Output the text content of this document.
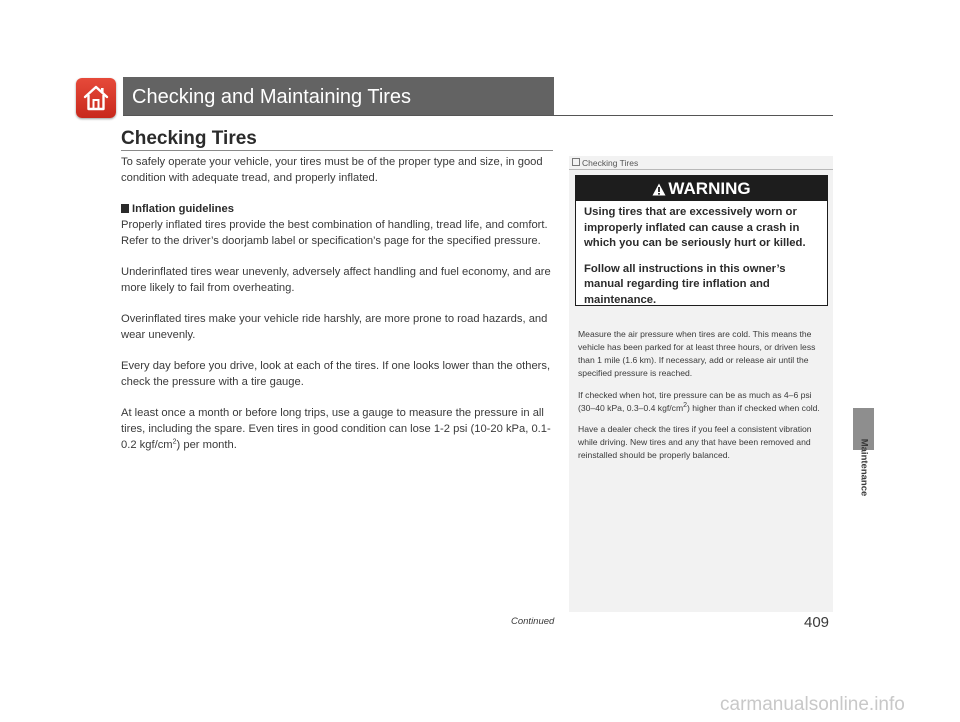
Checking and Maintaining Tires
Checking Tires

To safely operate your vehicle, your tires must be of the proper type and size, in good condition with adequate tread, and properly inflated.

Inflation guidelines

Properly inflated tires provide the best combination of handling, tread life, and comfort. Refer to the driver’s doorjamb label or specification’s page for the specified pressure.

Underinflated tires wear unevenly, adversely affect handling and fuel economy, and are more likely to fail from overheating.

Overinflated tires make your vehicle ride harshly, are more prone to road hazards, and wear unevenly.

Every day before you drive, look at each of the tires. If one looks lower than the others, check the pressure with a tire gauge.

At least once a month or before long trips, use a gauge to measure the pressure in all tires, including the spare. Even tires in good condition can lose 1-2 psi (10-20 kPa, 0.1-0.2 kgf/$cm^2$) per month.

Checking Tires
WARNING

Using tires that are excessively worn or improperly inflated can cause a crash in which you can be seriously hurt or killed.

Follow all instructions in this owner’s manual regarding tire inflation and maintenance.

Measure the air pressure when tires are cold. This means the vehicle has been parked for at least three hours, or driven less than 1 mile (1.6 km). If necessary, add or release air until the specified pressure is reached.

If checked when hot, tire pressure can be as much as 4–6 psi (30–40 kPa, 0.3–0.4 kgf/$cm^2$) higher than if checked when cold.

Have a dealer check the tires if you feel a consistent vibration while driving. New tires and any that have been removed and reinstalled should be properly balanced.

Continued	409
Maintenance
carmanualsonline.info
